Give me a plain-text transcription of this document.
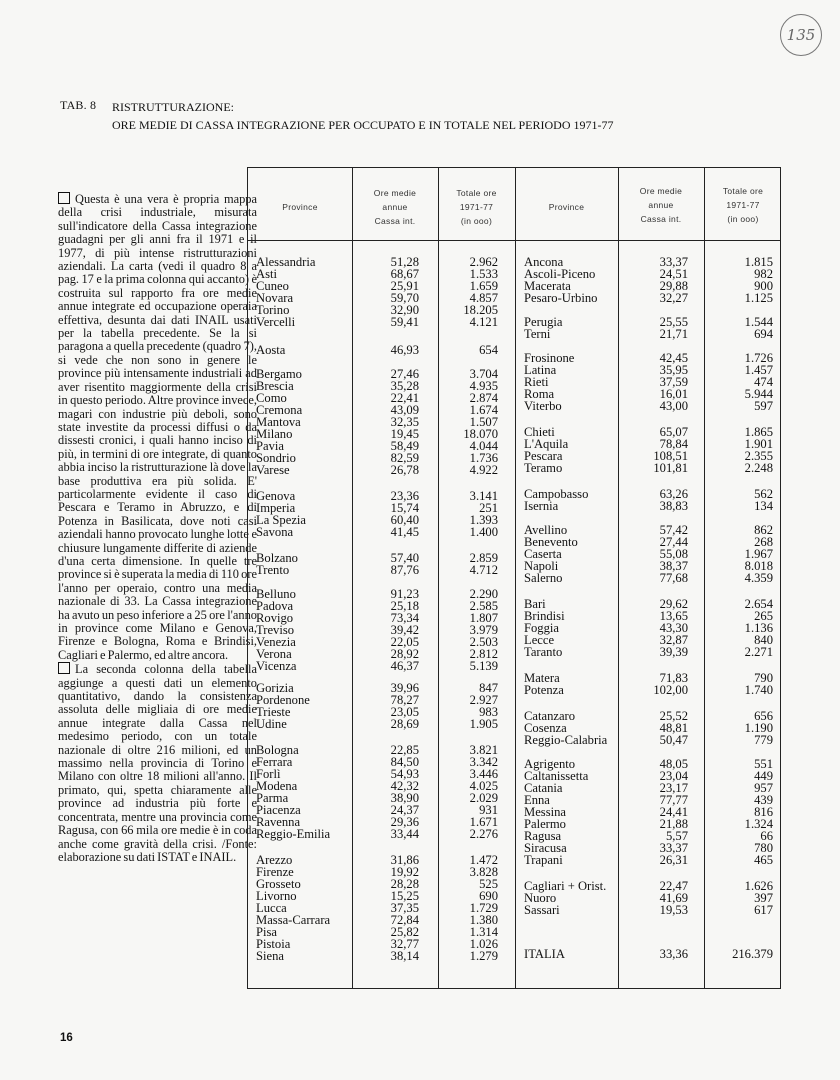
135
TAB. 8 RISTRUTTURAZIONE:
ORE MEDIE DI CASSA INTEGRAZIONE PER OCCUPATO E IN TOTALE NEL PERIODO 1971-77

Questa è una vera è propria mappa della crisi industriale, misurata sull'indicatore della Cassa integrazione guadagni per gli anni fra il 1971 e il 1977, di più intense ristrutturazioni aziendali. La carta (vedi il quadro 8 a pag. 17 e la prima colonna qui accanto) è costruita sul rapporto fra ore medie annue integrate ed occupazione operaia effettiva, desunta dai dati INAIL usati per la tabella precedente. Se la si paragona a quella precedente (quadro 7), si vede che non sono in genere le province più intensamente industriali ad aver risentito maggiormente della crisi in questo periodo. Altre province invece, magari con industrie più deboli, sono state investite da processi diffusi o da dissesti cronici, i quali hanno inciso di più, in termini di ore integrate, di quanto abbia inciso la ristrutturazione là dove la base produttiva era più solida. E' particolarmente evidente il caso di Pescara e Teramo in Abruzzo, e di Potenza in Basilicata, dove noti casi aziendali hanno provocato lunghe lotte e chiusure lungamente differite di aziende d'una certa dimensione. In quelle tre province si è superata la media di 110 ore l'anno per operaio, contro una media nazionale di 33. La Cassa integrazione ha avuto un peso inferiore a 25 ore l'anno in province come Milano e Genova, Firenze e Bologna, Roma e Brindisi, Cagliari e Palermo, ed altre ancora.

La seconda colonna della tabella aggiunge a questi dati un elemento quantitativo, dando la consistenza assoluta delle migliaia di ore medie annue integrate dalla Cassa nel medesimo periodo, con un totale nazionale di oltre 216 milioni, ed un massimo nella provincia di Torino e Milano con oltre 18 milioni all'anno. Il primato, qui, spetta chiaramente alle province ad industria più forte e concentrata, mentre una provincia come Ragusa, con 66 mila ore medie è in coda anche come gravità della crisi. /Fonte: elaborazione su dati ISTAT e INAIL.

Province
Ore medie
annue
Cassa int.
Totale ore
1971-77
(in ooo)
Province
Ore medie
annue
Cassa int.
Totale ore
1971-77
(in ooo)
Alessandria	51,28	2.962
Asti	68,67	1.533
Cuneo	25,91	1.659
Novara	59,70	4.857
Torino	32,90	18.205
Vercelli	59,41	4.121
Aosta	46,93	654
Bergamo	27,46	3.704
Brescia	35,28	4.935
Como	22,41	2.874
Cremona	43,09	1.674
Mantova	32,35	1.507
Milano	19,45	18.070
Pavia	58,49	4.044
Sondrio	82,59	1.736
Varese	26,78	4.922
Genova	23,36	3.141
Imperia	15,74	251
La Spezia	60,40	1.393
Savona	41,45	1.400
Bolzano	57,40	2.859
Trento	87,76	4.712
Belluno	91,23	2.290
Padova	25,18	2.585
Rovigo	73,34	1.807
Treviso	39,42	3.979
Venezia	22,05	2.503
Verona	28,92	2.812
Vicenza	46,37	5.139
Gorizia	39,96	847
Pordenone	78,27	2.927
Trieste	23,05	983
Udine	28,69	1.905
Bologna	22,85	3.821
Ferrara	84,50	3.342
Forlì	54,93	3.446
Modena	42,32	4.025
Parma	38,90	2.029
Piacenza	24,37	931
Ravenna	29,36	1.671
Reggio-Emilia	33,44	2.276
Arezzo	31,86	1.472
Firenze	19,92	3.828
Grosseto	28,28	525
Livorno	15,25	690
Lucca	37,35	1.729
Massa-Carrara	72,84	1.380
Pisa	25,82	1.314
Pistoia	32,77	1.026
Siena	38,14	1.279
Ancona	33,37	1.815
Ascoli-Piceno	24,51	982
Macerata	29,88	900
Pesaro-Urbino	32,27	1.125
Perugia	25,55	1.544
Terni	21,71	694
Frosinone	42,45	1.726
Latina	35,95	1.457
Rieti	37,59	474
Roma	16,01	5.944
Viterbo	43,00	597
Chieti	65,07	1.865
L'Aquila	78,84	1.901
Pescara	108,51	2.355
Teramo	101,81	2.248
Campobasso	63,26	562
Isernia	38,83	134
Avellino	57,42	862
Benevento	27,44	268
Caserta	55,08	1.967
Napoli	38,37	8.018
Salerno	77,68	4.359
Bari	29,62	2.654
Brindisi	13,65	265
Foggia	43,30	1.136
Lecce	32,87	840
Taranto	39,39	2.271
Matera	71,83	790
Potenza	102,00	1.740
Catanzaro	25,52	656
Cosenza	48,81	1.190
Reggio-Calabria	50,47	779
Agrigento	48,05	551
Caltanissetta	23,04	449
Catania	23,17	957
Enna	77,77	439
Messina	24,41	816
Palermo	21,88	1.324
Ragusa	5,57	66
Siracusa	33,37	780
Trapani	26,31	465
Cagliari + Orist.	22,47	1.626
Nuoro	41,69	397
Sassari	19,53	617
ITALIA	33,36	216.379
16
